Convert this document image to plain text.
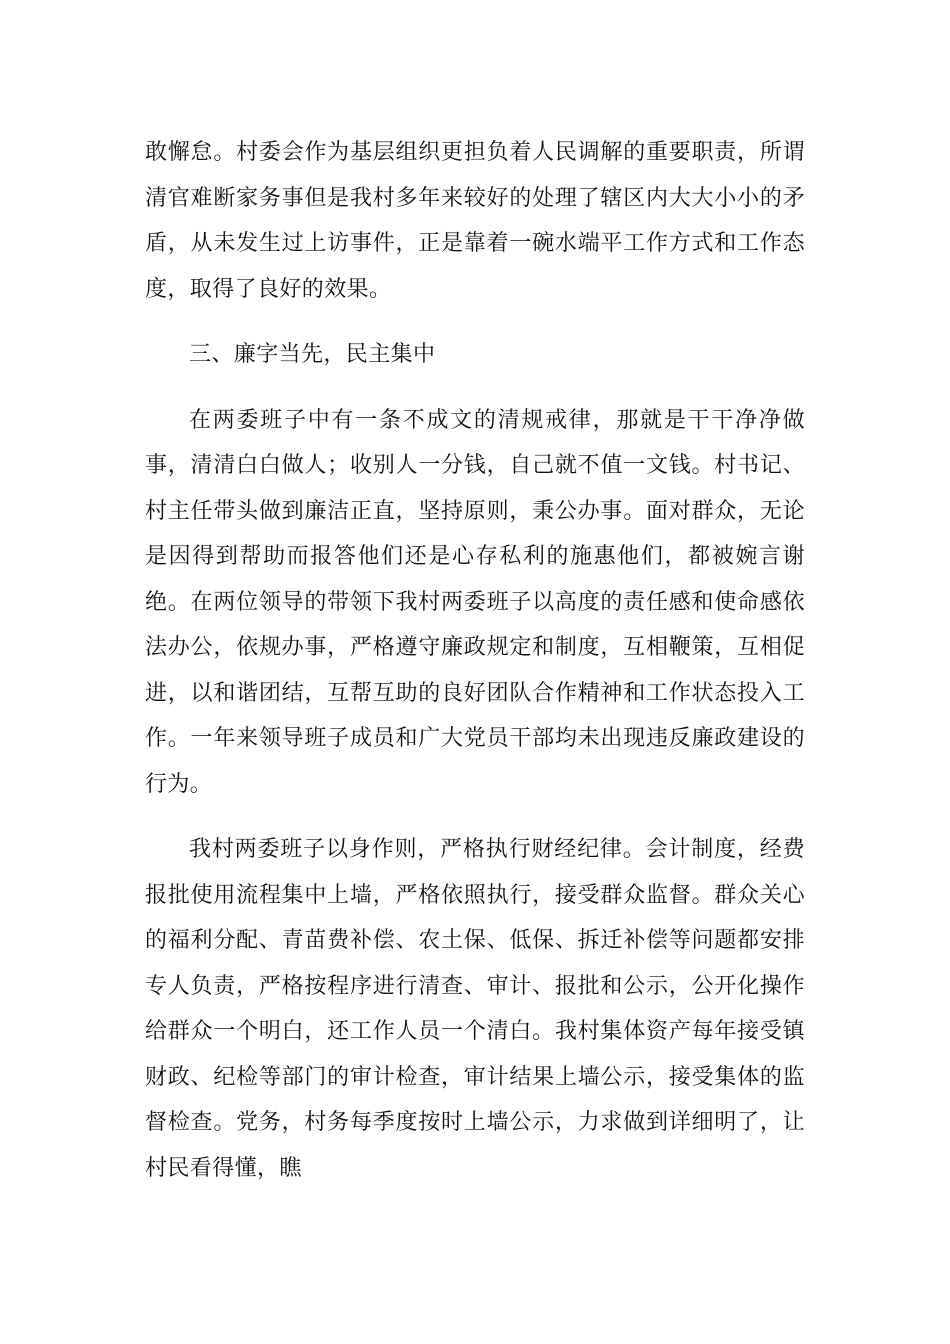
敢懈怠。村委会作为基层组织更担负着人民调解的重要职责，所谓清官难断家务事但是我村多年来较好的处理了辖区内大大小小的矛盾，从未发生过上访事件，正是靠着一碗水端平工作方式和工作态度，取得了良好的效果。

三、廉字当先，民主集中

在两委班子中有一条不成文的清规戒律，那就是干干净净做事，清清白白做人；收别人一分钱，自己就不值一文钱。村书记、村主任带头做到廉洁正直，坚持原则，秉公办事。面对群众，无论是因得到帮助而报答他们还是心存私利的施惠他们，都被婉言谢绝。在两位领导的带领下我村两委班子以高度的责任感和使命感依法办公，依规办事，严格遵守廉政规定和制度，互相鞭策，互相促进，以和谐团结，互帮互助的良好团队合作精神和工作状态投入工作。一年来领导班子成员和广大党员干部均未出现违反廉政建设的行为。

我村两委班子以身作则，严格执行财经纪律。会计制度，经费报批使用流程集中上墙，严格依照执行，接受群众监督。群众关心的福利分配、青苗费补偿、农土保、低保、拆迁补偿等问题都安排专人负责，严格按程序进行清查、审计、报批和公示，公开化操作给群众一个明白，还工作人员一个清白。我村集体资产每年接受镇财政、纪检等部门的审计检查，审计结果上墙公示，接受集体的监督检查。党务，村务每季度按时上墙公示，力求做到详细明了，让村民看得懂，瞧
